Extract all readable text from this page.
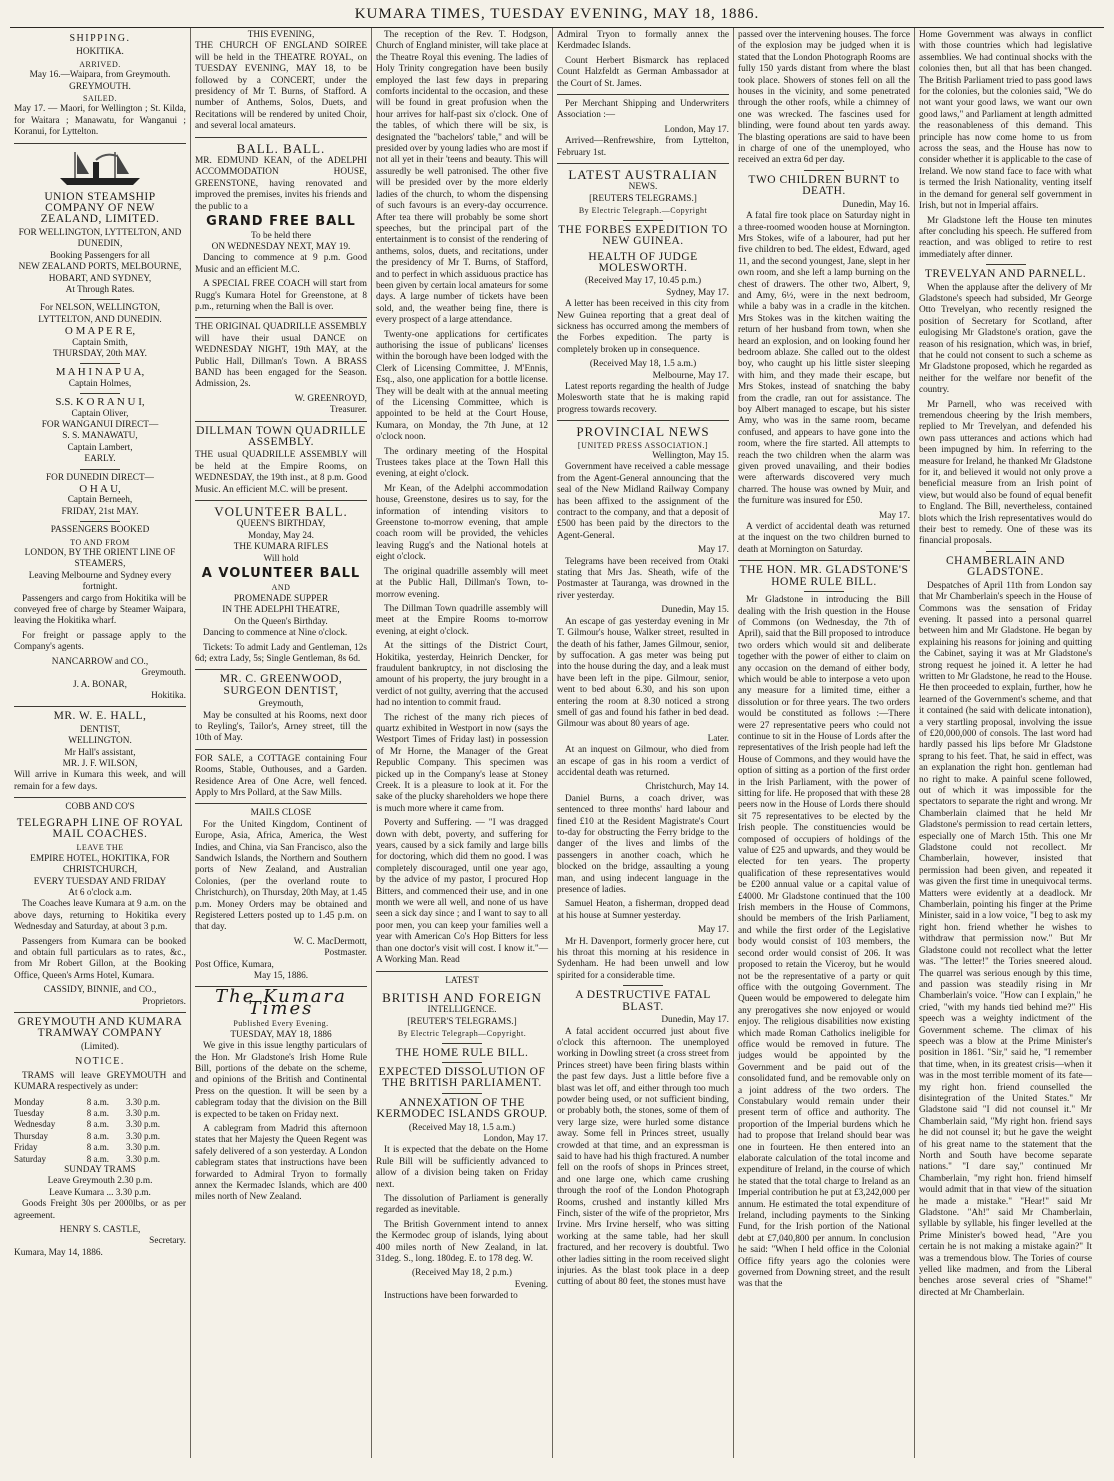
KUMARA TIMES, TUESDAY EVENING, MAY 18, 1886.
SHIPPING.
HOKITIKA.
ARRIVED.
May 16.—Waipara, from Greymouth.
GREYMOUTH.
SAILED.

May 17. — Maori, for Wellington ; St. Kilda, for Waitara ; Manawatu, for Wanganui ; Koranui, for Lyttelton.

UNION STEAMSHIP COMPANY OF NEW ZEALAND, LIMITED.
FOR WELLINGTON, LYTTELTON, AND DUNEDIN,
Booking Passengers for all
NEW ZEALAND PORTS, MELBOURNE, HOBART, AND SYDNEY,
At Through Rates.
For NELSON, WELLINGTON, LYTTELTON, AND DUNEDIN.
O M A P E R E,
Captain Smith,
THURSDAY, 20th MAY.
M A H I N A P U A,
Captain Holmes,
S.S. K O R A N U I,
Captain Oliver,
FOR WANGANUI DIRECT—
S. S. MANAWATU,
Captain Lambert,
EARLY.
FOR DUNEDIN DIRECT—
O H A U,
Captain Berneeh,
FRIDAY, 21st MAY.
PASSENGERS BOOKED
TO AND FROM
LONDON, BY THE ORIENT LINE OF STEAMERS,
Leaving Melbourne and Sydney every fortnight.

Passengers and cargo from Hokitika will be conveyed free of charge by Steamer Waipara, leaving the Hokitika wharf.

For freight or passage apply to the Company's agents.

NANCARROW and CO.,
Greymouth.
J. A. BONAR,
Hokitika.
MR. W. E. HALL,
DENTIST,
WELLINGTON.
Mr Hall's assistant,
MR. J. F. WILSON,

Will arrive in Kumara this week, and will remain for a few days.

COBB AND CO'S
TELEGRAPH LINE OF ROYAL MAIL COACHES.
LEAVE THE
EMPIRE HOTEL, HOKITIKA, FOR CHRISTCHURCH,
EVERY TUESDAY AND FRIDAY
At 6 o'clock a.m.

The Coaches leave Kumara at 9 a.m. on the above days, returning to Hokitika every Wednesday and Saturday, at about 3 p.m.

Passengers from Kumara can be booked and obtain full particulars as to rates, &c., from Mr Robert Gillon, at the Booking Office, Queen's Arms Hotel, Kumara.

CASSIDY, BINNIE, and CO.,
Proprietors.
GREYMOUTH AND KUMARA TRAMWAY COMPANY
(Limited).
NOTICE.

TRAMS will leave GREYMOUTH and KUMARA respectively as under:

Monday	8 a.m.	3.30 p.m.
Tuesday	8 a.m.	3.30 p.m.
Wednesday	8 a.m.	3.30 p.m.
Thursday	8 a.m.	3.30 p.m.
Friday	8 a.m.	3.30 p.m.
Saturday	8 a.m.	3.30 p.m.
SUNDAY TRAMS
Leave Greymouth 2.30 p.m.
Leave Kumara ... 3.30 p.m.

Goods Freight 30s per 2000lbs, or as per agreement.

HENRY S. CASTLE,
Secretary.
Kumara, May 14, 1886.
THIS EVENING,

THE CHURCH OF ENGLAND SOIREE will be held in the THEATRE ROYAL, on TUESDAY EVENING, MAY 18, to be followed by a CONCERT, under the presidency of Mr T. Burns, of Stafford. A number of Anthems, Solos, Duets, and Recitations will be rendered by united Choir, and several local amateurs.

BALL. BALL.

MR. EDMUND KEAN, of the ADELPHI ACCOMMODATION HOUSE, GREENSTONE, having renovated and improved the premises, invites his friends and the public to a

GRAND FREE BALL
To be held there
ON WEDNESDAY NEXT, MAY 19.

Dancing to commence at 9 p.m. Good Music and an efficient M.C.

A SPECIAL FREE COACH will start from Rugg's Kumara Hotel for Greenstone, at 8 p.m., returning when the Ball is over.

THE ORIGINAL QUADRILLE ASSEMBLY will have their usual DANCE on WEDNESDAY NIGHT, 19th MAY, at the Public Hall, Dillman's Town. A BRASS BAND has been engaged for the Season. Admission, 2s.

W. GREENROYD,
Treasurer.
DILLMAN TOWN QUADRILLE ASSEMBLY.

THE usual QUADRILLE ASSEMBLY will be held at the Empire Rooms, on WEDNESDAY, the 19th inst., at 8 p.m. Good Music. An efficient M.C. will be present.

VOLUNTEER BALL.
QUEEN'S BIRTHDAY,
Monday, May 24.
THE KUMARA RIFLES
Will hold
A VOLUNTEER BALL
AND
PROMENADE SUPPER
IN THE ADELPHI THEATRE,
On the Queen's Birthday.

Dancing to commence at Nine o'clock.

Tickets: To admit Lady and Gentleman, 12s 6d; extra Lady, 5s; Single Gentleman, 8s 6d.

MR. C. GREENWOOD, SURGEON DENTIST,
Greymouth,

May be consulted at his Rooms, next door to Reyling's, Tailor's, Arney street, till the 10th of May.

FOR SALE, a COTTAGE containing Four Rooms, Stable, Outhouses, and a Garden. Residence Area of One Acre, well fenced. Apply to Mrs Pollard, at the Saw Mills.

MAILS CLOSE

For the United Kingdom, Continent of Europe, Asia, Africa, America, the West Indies, and China, via San Francisco, also the Sandwich Islands, the Northern and Southern ports of New Zealand, and Australian Colonies, (per the overland route to Christchurch), on Thursday, 20th May, at 1.45 p.m. Money Orders may be obtained and Registered Letters posted up to 1.45 p.m. on that day.

W. C. MacDermott,
Postmaster.
Post Office, Kumara,
May 15, 1886.
The Kumara Times
Published Every Evening.
TUESDAY, MAY 18, 1886

We give in this issue lengthy particulars of the Hon. Mr Gladstone's Irish Home Rule Bill, portions of the debate on the scheme, and opinions of the British and Continental Press on the question. It will be seen by a cablegram today that the division on the Bill is expected to be taken on Friday next.

A cablegram from Madrid this afternoon states that her Majesty the Queen Regent was safely delivered of a son yesterday. A London cablegram states that instructions have been forwarded to Admiral Tryon to formally annex the Kermadec Islands, which are 400 miles north of New Zealand.

The reception of the Rev. T. Hodgson, Church of England minister, will take place at the Theatre Royal this evening. The ladies of Holy Trinity congregation have been busily employed the last few days in preparing comforts incidental to the occasion, and these will be found in great profusion when the hour arrives for half-past six o'clock. One of the tables, of which there will be six, is designated the "bachelors' table," and will be presided over by young ladies who are most if not all yet in their 'teens and beauty. This will assuredly be well patronised. The other five will be presided over by the more elderly ladies of the church, to whom the dispensing of such favours is an every-day occurrence. After tea there will probably be some short speeches, but the principal part of the entertainment is to consist of the rendering of anthems, solos, duets, and recitations, under the presidency of Mr T. Burns, of Stafford, and to perfect in which assiduous practice has been given by certain local amateurs for some days. A large number of tickets have been sold, and, the weather being fine, there is every prospect of a large attendance.

Twenty-one applications for certificates authorising the issue of publicans' licenses within the borough have been lodged with the Clerk of Licensing Committee, J. M'Ennis, Esq., also, one application for a bottle license. They will be dealt with at the annual meeting of the Licensing Committee, which is appointed to be held at the Court House, Kumara, on Monday, the 7th June, at 12 o'clock noon.

The ordinary meeting of the Hospital Trustees takes place at the Town Hall this evening, at eight o'clock.

Mr Kean, of the Adelphi accommodation house, Greenstone, desires us to say, for the information of intending visitors to Greenstone to-morrow evening, that ample coach room will be provided, the vehicles leaving Rugg's and the National hotels at eight o'clock.

The original quadrille assembly will meet at the Public Hall, Dillman's Town, to-morrow evening.

The Dillman Town quadrille assembly will meet at the Empire Rooms to-morrow evening, at eight o'clock.

At the sittings of the District Court, Hokitika, yesterday, Heinrich Dencker, for fraudulent bankruptcy, in not disclosing the amount of his property, the jury brought in a verdict of not guilty, averring that the accused had no intention to commit fraud.

The richest of the many rich pieces of quartz exhibited in Westport in now (says the Westport Times of Friday last) in possession of Mr Horne, the Manager of the Great Republic Company. This specimen was picked up in the Company's lease at Stoney Creek. It is a pleasure to look at it. For the sake of the plucky shareholders we hope there is much more where it came from.

Poverty and Suffering. — "I was dragged down with debt, poverty, and suffering for years, caused by a sick family and large bills for doctoring, which did them no good. I was completely discouraged, until one year ago, by the advice of my pastor, I procured Hop Bitters, and commenced their use, and in one month we were all well, and none of us have seen a sick day since ; and I want to say to all poor men, you can keep your families well a year with American Co's Hop Bitters for less than one doctor's visit will cost. I know it."—A Working Man. Read

LATEST
BRITISH AND FOREIGN
INTELLIGENCE.
[REUTER'S TELEGRAMS.]
By Electric Telegraph—Copyright.
THE HOME RULE BILL.
EXPECTED DISSOLUTION OF THE BRITISH PARLIAMENT.
ANNEXATION OF THE KERMODEC ISLANDS GROUP.
(Received May 18, 1.5 a.m.)
London, May 17.

It is expected that the debate on the Home Rule Bill will be sufficiently advanced to allow of a division being taken on Friday next.

The dissolution of Parliament is generally regarded as inevitable.

The British Government intend to annex the Kermodec group of islands, lying about 400 miles north of New Zealand, in lat. 31deg. S., long. 180deg. E. to 178 deg. W.

(Received May 18, 2 p.m.)
Evening.

Instructions have been forwarded to

Admiral Tryon to formally annex the Kerdmadec Islands.

Count Herbert Bismarck has replaced Count Halzfeldt as German Ambassador at the Court of St. James.

Per Merchant Shipping and Underwriters Association :—

London, May 17.

Arrived—Renfrewshire, from Lyttelton, February 1st.

LATEST AUSTRALIAN
NEWS.
[REUTERS TELEGRAMS.]
By Electric Telegraph.—Copyright
THE FORBES EXPEDITION TO NEW GUINEA.
HEALTH OF JUDGE MOLESWORTH.
(Received May 17, 10.45 p.m.)
Sydney, May 17.

A letter has been received in this city from New Guinea reporting that a great deal of sickness has occurred among the members of the Forbes expedition. The party is completely broken up in consequence.

(Received May 18, 1.5 a.m.)
Melbourne, May 17.

Latest reports regarding the health of Judge Molesworth state that he is making rapid progress towards recovery.

PROVINCIAL NEWS
[UNITED PRESS ASSOCIATION.]
Wellington, May 15.

Government have received a cable message from the Agent-General announcing that the seal of the New Midland Railway Company has been affixed to the assignment of the contract to the company, and that a deposit of £500 has been paid by the directors to the Agent-General.

May 17.

Telegrams have been received from Otaki stating that Mrs Jas. Sheath, wife of the Postmaster at Tauranga, was drowned in the river yesterday.

Dunedin, May 15.

An escape of gas yesterday evening in Mr T. Gilmour's house, Walker street, resulted in the death of his father, James Gilmour, senior, by suffocation. A gas meter was being put into the house during the day, and a leak must have been left in the pipe. Gilmour, senior, went to bed about 6.30, and his son upon entering the room at 8.30 noticed a strong smell of gas and found his father in bed dead. Gilmour was about 80 years of age.

Later.

At an inquest on Gilmour, who died from an escape of gas in his room a verdict of accidental death was returned.

Christchurch, May 14.

Daniel Burns, a coach driver, was sentenced to three months' hard labour and fined £10 at the Resident Magistrate's Court to-day for obstructing the Ferry bridge to the danger of the lives and limbs of the passengers in another coach, which he blocked on the bridge, assaulting a young man, and using indecent language in the presence of ladies.

Samuel Heaton, a fisherman, dropped dead at his house at Sumner yesterday.

May 17.

Mr H. Davenport, formerly grocer here, cut his throat this morning at his residence in Sydenham. He had been unwell and low spirited for a considerable time.

A DESTRUCTIVE FATAL BLAST.
Dunedin, May 17.

A fatal accident occurred just about five o'clock this afternoon. The unemployed working in Dowling street (a cross street from Princes street) have been firing blasts within the past few days. Just a little before five a blast was let off, and either through too much powder being used, or not sufficient binding, or probably both, the stones, some of them of very large size, were hurled some distance away. Some fell in Princes street, usually crowded at that time, and an expressman is said to have had his thigh fractured. A number fell on the roofs of shops in Princes street, and one large one, which came crushing through the roof of the London Photograph Rooms, crushed and instantly killed Mrs Finch, sister of the wife of the proprietor, Mrs Irvine. Mrs Irvine herself, who was sitting working at the same table, had her skull fractured, and her recovery is doubtful. Two other ladies sitting in the room received slight injuries. As the blast took place in a deep cutting of about 80 feet, the stones must have

passed over the intervening houses. The force of the explosion may be judged when it is stated that the London Photograph Rooms are fully 150 yards distant from where the blast took place. Showers of stones fell on all the houses in the vicinity, and some penetrated through the other roofs, while a chimney of one was wrecked. The fascines used for blinding, were found about ten yards away. The blasting operations are said to have been in charge of one of the unemployed, who received an extra 6d per day.

TWO CHILDREN BURNT to DEATH.
Dunedin, May 16.

A fatal fire took place on Saturday night in a three-roomed wooden house at Mornington. Mrs Stokes, wife of a labourer, had put her five children to bed. The eldest, Edward, aged 11, and the second youngest, Jane, slept in her own room, and she left a lamp burning on the chest of drawers. The other two, Albert, 9, and Amy, 6½, were in the next bedroom, while a baby was in a cradle in the kitchen. Mrs Stokes was in the kitchen waiting the return of her husband from town, when she heard an explosion, and on looking found her bedroom ablaze. She called out to the oldest boy, who caught up his little sister sleeping with him, and they made their escape, but Mrs Stokes, instead of snatching the baby from the cradle, ran out for assistance. The boy Albert managed to escape, but his sister Amy, who was in the same room, became confused, and appears to have gone into the room, where the fire started. All attempts to reach the two children when the alarm was given proved unavailing, and their bodies were afterwards discovered very much charred. The house was owned by Muir, and the furniture was insured for £50.

May 17.

A verdict of accidental death was returned at the inquest on the two children burned to death at Mornington on Saturday.

THE HON. MR. GLADSTONE'S HOME RULE BILL.

Mr Gladstone in introducing the Bill dealing with the Irish question in the House of Commons (on Wednesday, the 7th of April), said that the Bill proposed to introduce two orders which would sit and deliberate together with the power of either to claim on any occasion on the demand of either body, which would be able to interpose a veto upon any measure for a limited time, either a dissolution or for three years. The two orders would be constituted as follows :—There were 27 representative peers who could not continue to sit in the House of Lords after the representatives of the Irish people had left the House of Commons, and they would have the option of sitting as a portion of the first order in the Irish Parliament, with the power of sitting for life. He proposed that with these 28 peers now in the House of Lords there should sit 75 representatives to be elected by the Irish people. The constituencies would be composed of occupiers of holdings of the value of £25 and upwards, and they would be elected for ten years. The property qualification of these representatives would be £200 annual value or a capital value of £4000. Mr Gladstone continued that the 100 Irish members in the House of Commons, should be members of the Irish Parliament, and while the first order of the Legislative body would consist of 103 members, the second order would consist of 206. It was proposed to retain the Viceroy, but he would not be the representative of a party or quit office with the outgoing Government. The Queen would be empowered to delegate him any prerogatives she now enjoyed or would enjoy. The religious disabilities now existing which made Roman Catholics ineligible for office would be removed in future. The judges would be appointed by the Government and be paid out of the consolidated fund, and be removable only on a joint address of the two orders. The Constabulary would remain under their present term of office and authority. The proportion of the Imperial burdens which he had to propose that Ireland should bear was one in fourteen. He then entered into an elaborate calculation of the total income and expenditure of Ireland, in the course of which he stated that the total charge to Ireland as an Imperial contribution he put at £3,242,000 per annum. He estimated the total expenditure of Ireland, including payments to the Sinking Fund, for the Irish portion of the National debt at £7,040,800 per annum. In conclusion he said: "When I held office in the Colonial Office fifty years ago the colonies were governed from Downing street, and the result was that the

Home Government was always in conflict with those countries which had legislative assemblies. We had continual shocks with the colonies then, but all that has been changed. The British Parliament tried to pass good laws for the colonies, but the colonies said, "We do not want your good laws, we want our own good laws," and Parliament at length admitted the reasonableness of this demand. This principle has now come home to us from across the seas, and the House has now to consider whether it is applicable to the case of Ireland. We now stand face to face with what is termed the Irish Nationality, venting itself in the demand for general self government in Irish, but not in Imperial affairs.

Mr Gladstone left the House ten minutes after concluding his speech. He suffered from reaction, and was obliged to retire to rest immediately after dinner.

TREVELYAN AND PARNELL.

When the applause after the delivery of Mr Gladstone's speech had subsided, Mr George Otto Trevelyan, who recently resigned the position of Secretary for Scotland, after eulogising Mr Gladstone's oration, gave the reason of his resignation, which was, in brief, that he could not consent to such a scheme as Mr Gladstone proposed, which he regarded as neither for the welfare nor benefit of the country.

Mr Parnell, who was received with tremendous cheering by the Irish members, replied to Mr Trevelyan, and defended his own pass utterances and actions which had been impugned by him. In referring to the measure for Ireland, he thanked Mr Gladstone for it, and believed it would not only prove a beneficial measure from an Irish point of view, but would also be found of equal benefit to England. The Bill, nevertheless, contained blots which the Irish representatives would do their best to remedy. One of these was its financial proposals.

CHAMBERLAIN AND GLADSTONE.

Despatches of April 11th from London say that Mr Chamberlain's speech in the House of Commons was the sensation of Friday evening. It passed into a personal quarrel between him and Mr Gladstone. He began by explaining his reasons for joining and quitting the Cabinet, saying it was at Mr Gladstone's strong request he joined it. A letter he had written to Mr Gladstone, he read to the House. He then proceeded to explain, further, how he learned of the Government's scheme, and that it contained (he said with delicate intonation), a very startling proposal, involving the issue of £20,000,000 of consols. The last word had hardly passed his lips before Mr Gladstone sprang to his feet. That, he said in effect, was an explanation the right hon. gentleman had no right to make. A painful scene followed, out of which it was impossible for the spectators to separate the right and wrong. Mr Chamberlain claimed that he held Mr Gladstone's permission to read certain letters, especially one of March 15th. This one Mr Gladstone could not recollect. Mr Chamberlain, however, insisted that permission had been given, and repeated it was given the first time in unequivocal terms. Matters were evidently at a deadlock. Mr Chamberlain, pointing his finger at the Prime Minister, said in a low voice, "I beg to ask my right hon. friend whether he wishes to withdraw that permission now." But Mr Gladstone could not recollect what the letter was. "The letter!" the Tories sneered aloud. The quarrel was serious enough by this time, and passion was steadily rising in Mr Chamberlain's voice. "How can I explain," he cried, "with my hands tied behind me?" His speech was a weighty indictment of the Government scheme. The climax of his speech was a blow at the Prime Minister's position in 1861. "Sir," said he, "I remember that time, when, in its greatest crisis—when it was in the most terrible moment of its fate—my right hon. friend counselled the disintegration of the United States." Mr Gladstone said "I did not counsel it." Mr Chamberlain said, "My right hon. friend says he did not counsel it; but he gave the weight of his great name to the statement that the North and South have become separate nations." "I dare say," continued Mr Chamberlain, "my right hon. friend himself would admit that in that view of the situation he made a mistake." "Hear!" said Mr Gladstone. "Ah!" said Mr Chamberlain, syllable by syllable, his finger levelled at the Prime Minister's bowed head, "Are you certain he is not making a mistake again?" It was a tremendous blow. The Tories of course yelled like madmen, and from the Liberal benches arose several cries of "Shame!" directed at Mr Chamberlain.
